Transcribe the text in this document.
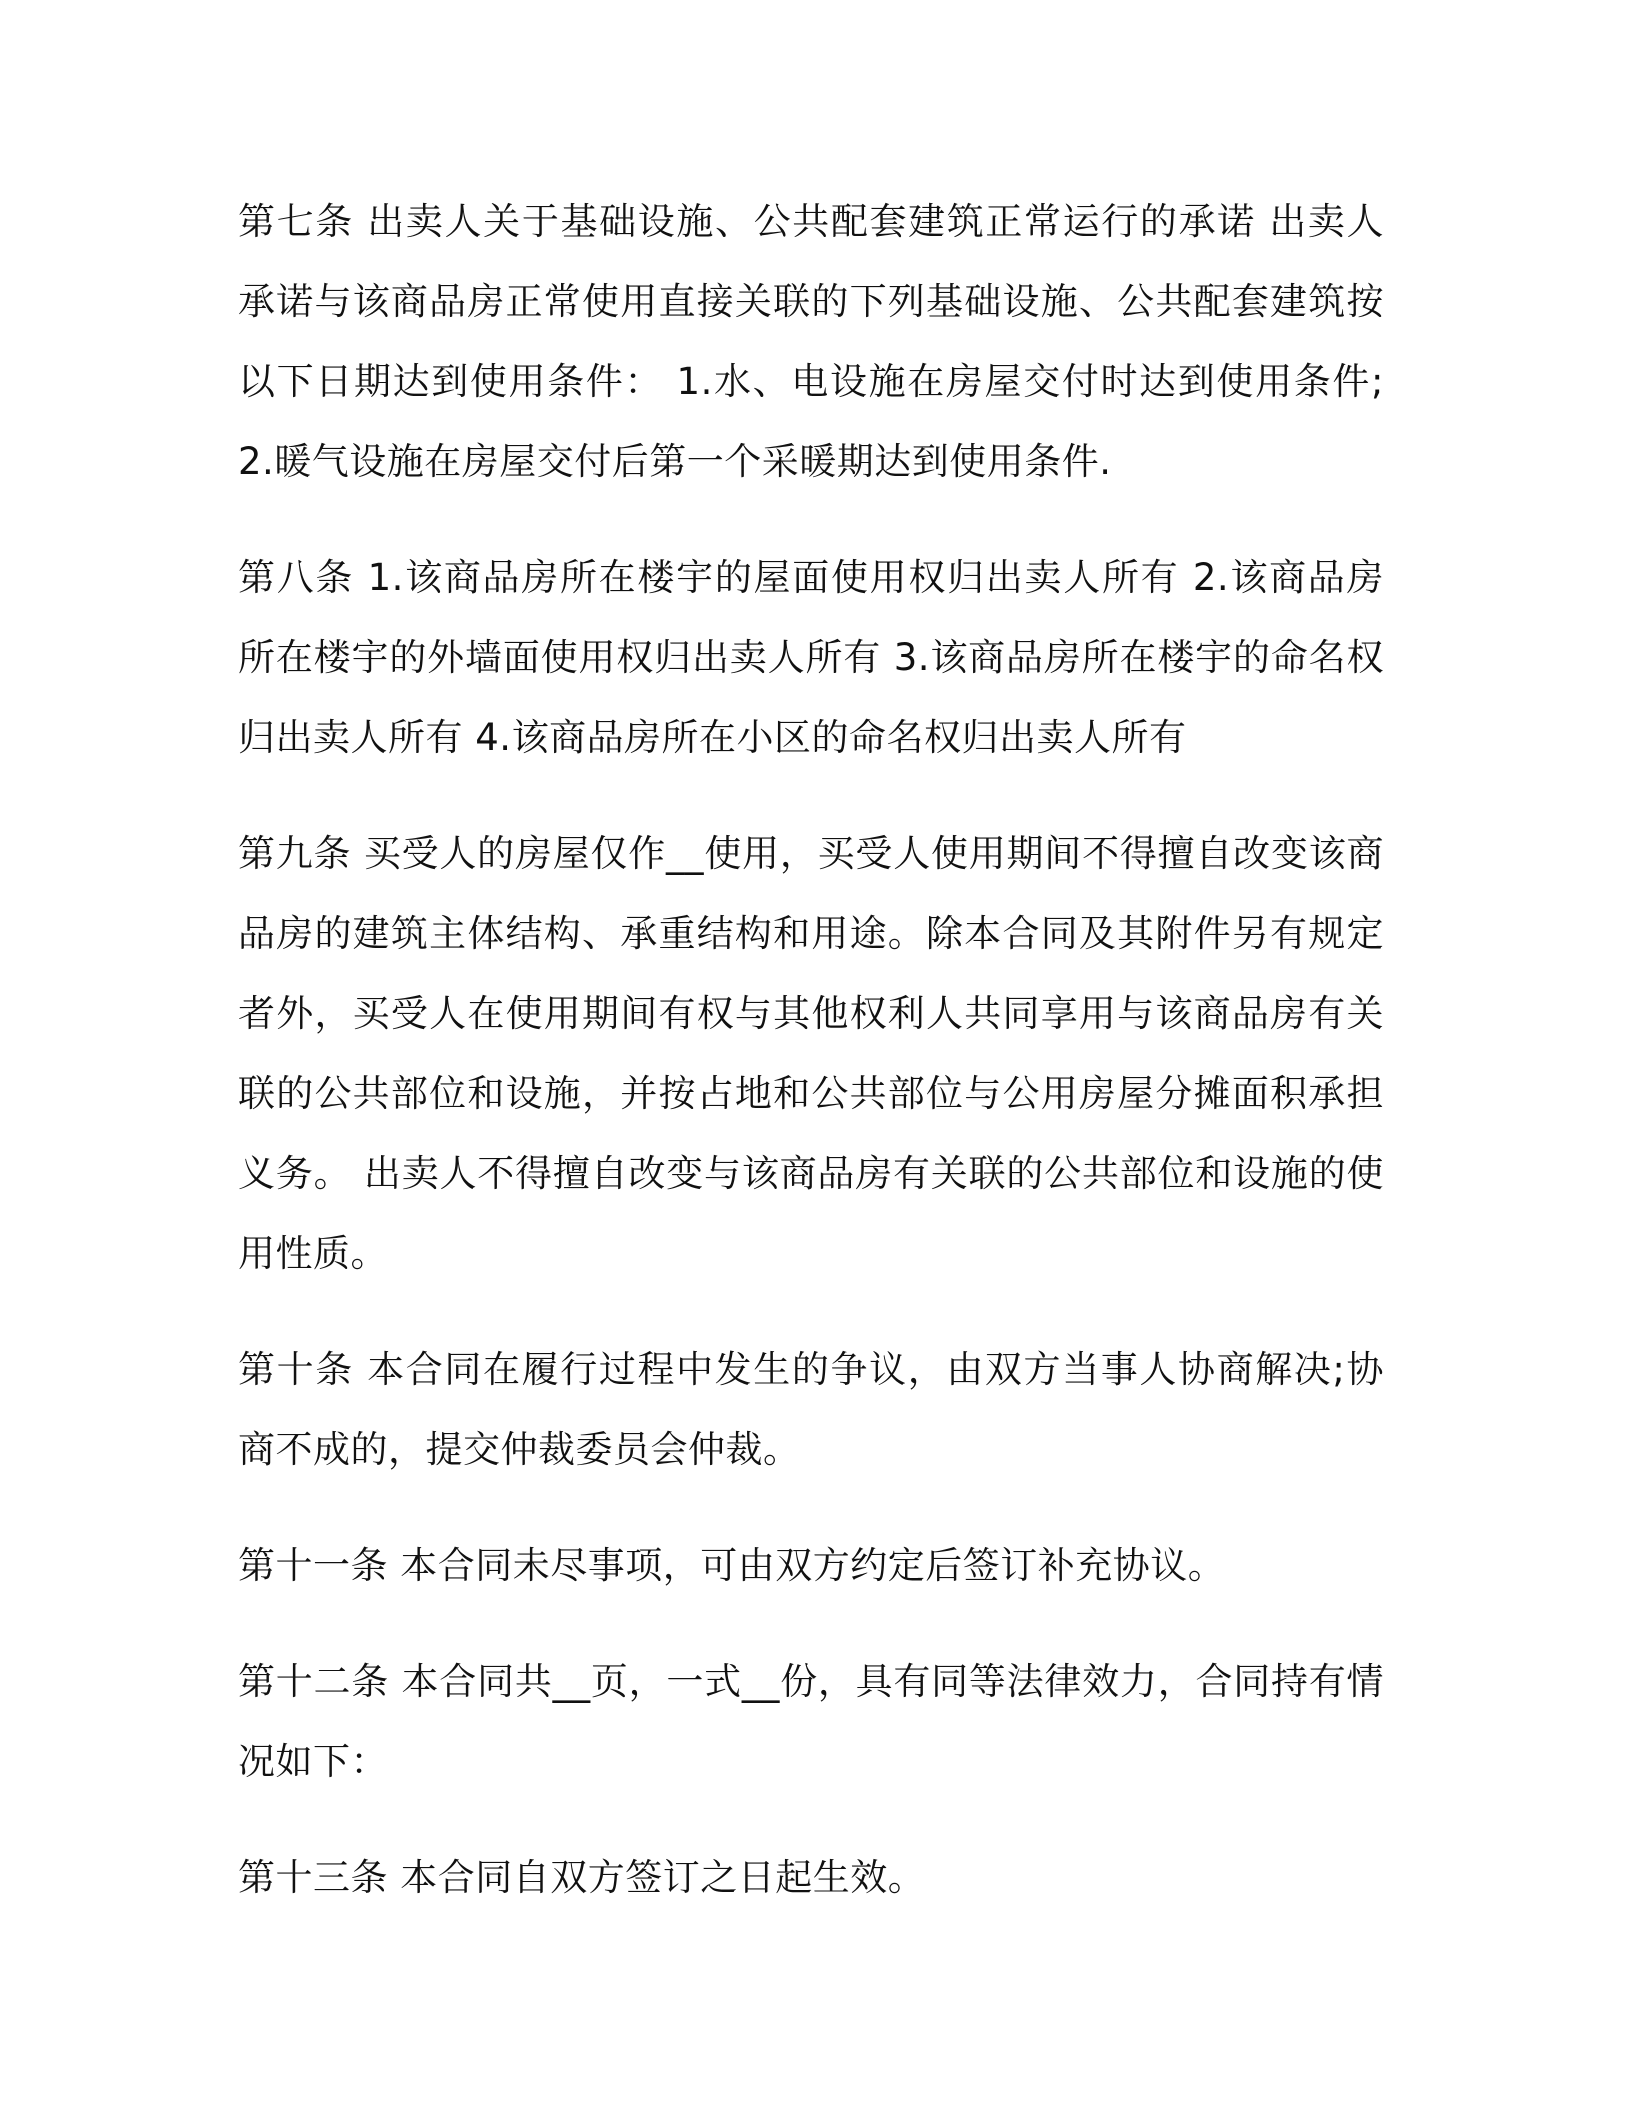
第七条 出卖人关于基础设施、公共配套建筑正常运行的承诺 出卖人承诺与该商品房正常使用直接关联的下列基础设施、公共配套建筑按以下日期达到使用条件： 1.水、电设施在房屋交付时达到使用条件; 2.暖气设施在房屋交付后第一个采暖期达到使用条件.

第八条 1.该商品房所在楼宇的屋面使用权归出卖人所有 2.该商品房所在楼宇的外墙面使用权归出卖人所有 3.该商品房所在楼宇的命名权归出卖人所有 4.该商品房所在小区的命名权归出卖人所有

第九条 买受人的房屋仅作__使用，买受人使用期间不得擅自改变该商品房的建筑主体结构、承重结构和用途。除本合同及其附件另有规定者外，买受人在使用期间有权与其他权利人共同享用与该商品房有关联的公共部位和设施，并按占地和公共部位与公用房屋分摊面积承担义务。 出卖人不得擅自改变与该商品房有关联的公共部位和设施的使用性质。

第十条 本合同在履行过程中发生的争议，由双方当事人协商解决;协商不成的，提交仲裁委员会仲裁。

第十一条 本合同未尽事项，可由双方约定后签订补充协议。

第十二条 本合同共__页，一式__份，具有同等法律效力，合同持有情况如下：

第十三条 本合同自双方签订之日起生效。
